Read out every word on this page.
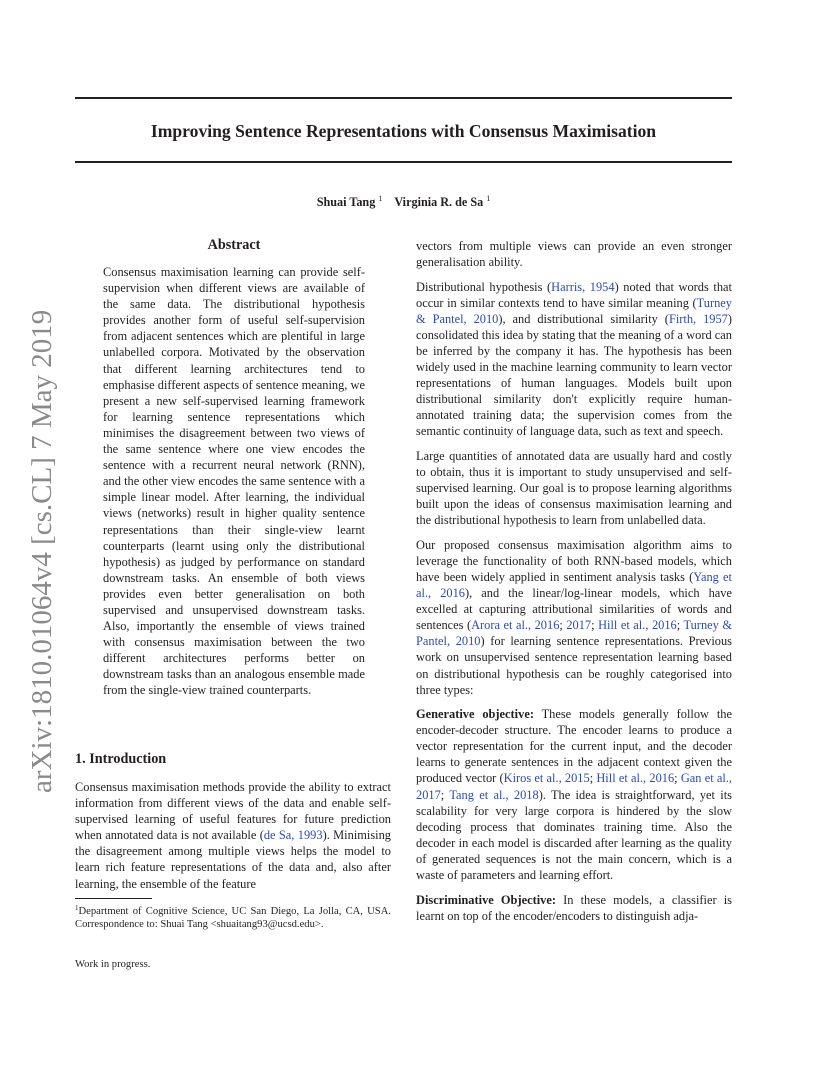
Improving Sentence Representations with Consensus Maximisation
Shuai Tang $^1$ Virginia R. de Sa $^1$
arXiv:1810.01064v4 [cs.CL] 7 May 2019
Abstract

Consensus maximisation learning can provide self-supervision when different views are available of the same data. The distributional hypothesis provides another form of useful self-supervision from adjacent sentences which are plentiful in large unlabelled corpora. Motivated by the observation that different learning architectures tend to emphasise different aspects of sentence meaning, we present a new self-supervised learning framework for learning sentence representations which minimises the disagreement between two views of the same sentence where one view encodes the sentence with a recurrent neural network (RNN), and the other view encodes the same sentence with a simple linear model. After learning, the individual views (networks) result in higher quality sentence representations than their single-view learnt counterparts (learnt using only the distributional hypothesis) as judged by performance on standard downstream tasks. An ensemble of both views provides even better generalisation on both supervised and unsupervised downstream tasks. Also, importantly the ensemble of views trained with consensus maximisation between the two different architectures performs better on downstream tasks than an analogous ensemble made from the single-view trained counterparts.

1. Introduction

Consensus maximisation methods provide the ability to extract information from different views of the data and enable self-supervised learning of useful features for future prediction when annotated data is not available (de Sa, 1993). Minimising the disagreement among multiple views helps the model to learn rich feature representations of the data and, also after learning, the ensemble of the feature

$^1$Department of Cognitive Science, UC San Diego, La Jolla, CA, USA. Correspondence to: Shuai Tang <shuaitang93@ucsd.edu>.
Work in progress.

vectors from multiple views can provide an even stronger generalisation ability.

Distributional hypothesis (Harris, 1954) noted that words that occur in similar contexts tend to have similar meaning (Turney & Pantel, 2010), and distributional similarity (Firth, 1957) consolidated this idea by stating that the meaning of a word can be inferred by the company it has. The hypothesis has been widely used in the machine learning community to learn vector representations of human languages. Models built upon distributional similarity don't explicitly require human-annotated training data; the supervision comes from the semantic continuity of language data, such as text and speech.

Large quantities of annotated data are usually hard and costly to obtain, thus it is important to study unsupervised and self-supervised learning. Our goal is to propose learning algorithms built upon the ideas of consensus maximisation learning and the distributional hypothesis to learn from unlabelled data.

Our proposed consensus maximisation algorithm aims to leverage the functionality of both RNN-based models, which have been widely applied in sentiment analysis tasks (Yang et al., 2016), and the linear/log-linear models, which have excelled at capturing attributional similarities of words and sentences (Arora et al., 2016; 2017; Hill et al., 2016; Turney & Pantel, 2010) for learning sentence representations. Previous work on unsupervised sentence representation learning based on distributional hypothesis can be roughly categorised into three types:

Generative objective: These models generally follow the encoder-decoder structure. The encoder learns to produce a vector representation for the current input, and the decoder learns to generate sentences in the adjacent context given the produced vector (Kiros et al., 2015; Hill et al., 2016; Gan et al., 2017; Tang et al., 2018). The idea is straightforward, yet its scalability for very large corpora is hindered by the slow decoding process that dominates training time. Also the decoder in each model is discarded after learning as the quality of generated sequences is not the main concern, which is a waste of parameters and learning effort.

Discriminative Objective: In these models, a classifier is learnt on top of the encoder/encoders to distinguish adja-
